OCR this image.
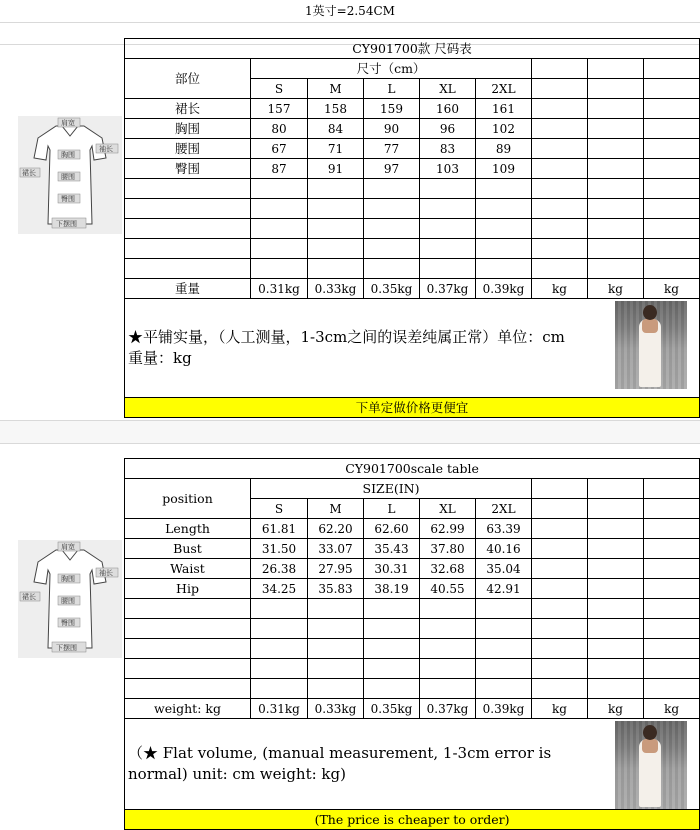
1英寸=2.54CM
肩宽
袖长
裙长
胸围
腰围
臀围
下摆围
CY901700款 尺码表								
部位	尺寸（cm）							
	S	M	L	XL	2XL			
裙长	157	158	159	160	161			
胸围	80	84	90	96	102			
腰围	67	71	77	83	89			
臀围	87	91	97	103	109			

重量	0.31kg	0.33kg	0.35kg	0.37kg	0.39kg	kg	kg	kg

★平铺实量，（人工测量，1-3cm之间的误差纯属正常）单位：cm　重量：kg								

下单定做价格更便宜								
肩宽
袖长
裙长
胸围
腰围
臀围
下摆围
CY901700scale table								
position	SIZE(IN)							
	S	M	L	XL	2XL			
Length	61.81	62.20	62.60	62.99	63.39			
Bust	31.50	33.07	35.43	37.80	40.16			
Waist	26.38	27.95	30.31	32.68	35.04			
Hip	34.25	35.83	38.19	40.55	42.91			

weight: kg	0.31kg	0.33kg	0.35kg	0.37kg	0.39kg	kg	kg	kg

（★ Flat volume, (manual measurement, 1-3cm error is normal) unit: cm weight: kg)								

(The price is cheaper to order)								
